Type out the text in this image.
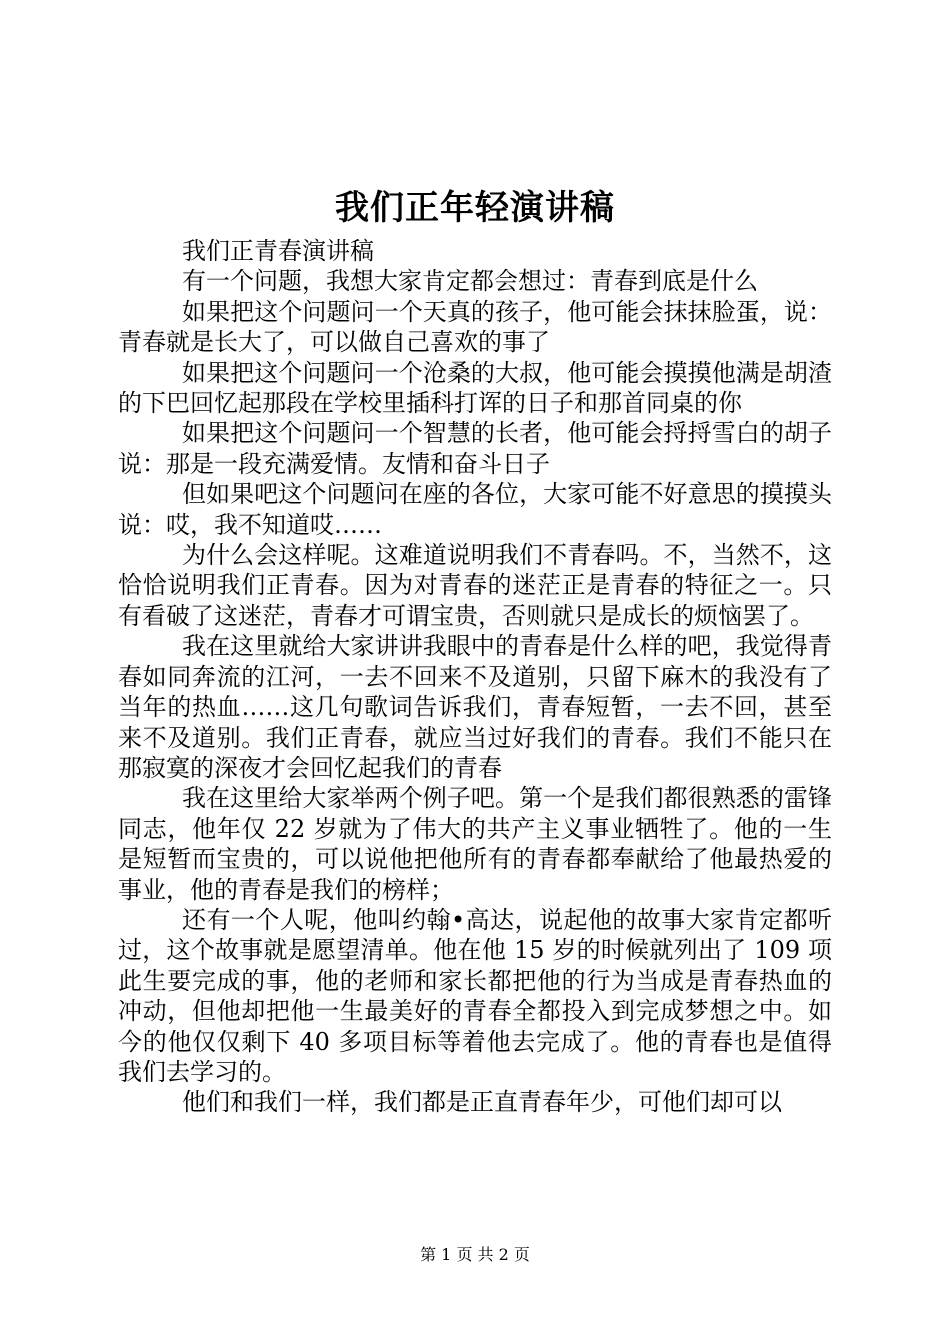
我们正年轻演讲稿

我们正青春演讲稿

有一个问题，我想大家肯定都会想过：青春到底是什么

如果把这个问题问一个天真的孩子，他可能会抹抹脸蛋，说：青春就是长大了，可以做自己喜欢的事了

如果把这个问题问一个沧桑的大叔，他可能会摸摸他满是胡渣的下巴回忆起那段在学校里插科打诨的日子和那首同桌的你

如果把这个问题问一个智慧的长者，他可能会捋捋雪白的胡子说：那是一段充满爱情。友情和奋斗日子

但如果吧这个问题问在座的各位，大家可能不好意思的摸摸头说：哎，我不知道哎……

为什么会这样呢。这难道说明我们不青春吗。不，当然不，这恰恰说明我们正青春。因为对青春的迷茫正是青春的特征之一。只有看破了这迷茫，青春才可谓宝贵，否则就只是成长的烦恼罢了。

我在这里就给大家讲讲我眼中的青春是什么样的吧，我觉得青春如同奔流的江河，一去不回来不及道别，只留下麻木的我没有了当年的热血……这几句歌词告诉我们，青春短暂，一去不回，甚至来不及道别。我们正青春，就应当过好我们的青春。我们不能只在那寂寞的深夜才会回忆起我们的青春

我在这里给大家举两个例子吧。第一个是我们都很熟悉的雷锋同志，他年仅 22 岁就为了伟大的共产主义事业牺牲了。他的一生是短暂而宝贵的，可以说他把他所有的青春都奉献给了他最热爱的事业，他的青春是我们的榜样；

还有一个人呢，他叫约翰•高达，说起他的故事大家肯定都听过，这个故事就是愿望清单。他在他 15 岁的时候就列出了 109 项此生要完成的事，他的老师和家长都把他的行为当成是青春热血的冲动，但他却把他一生最美好的青春全都投入到完成梦想之中。如今的他仅仅剩下 40 多项目标等着他去完成了。他的青春也是值得我们去学习的。

他们和我们一样，我们都是正直青春年少，可他们却可以

第 1 页 共 2 页
